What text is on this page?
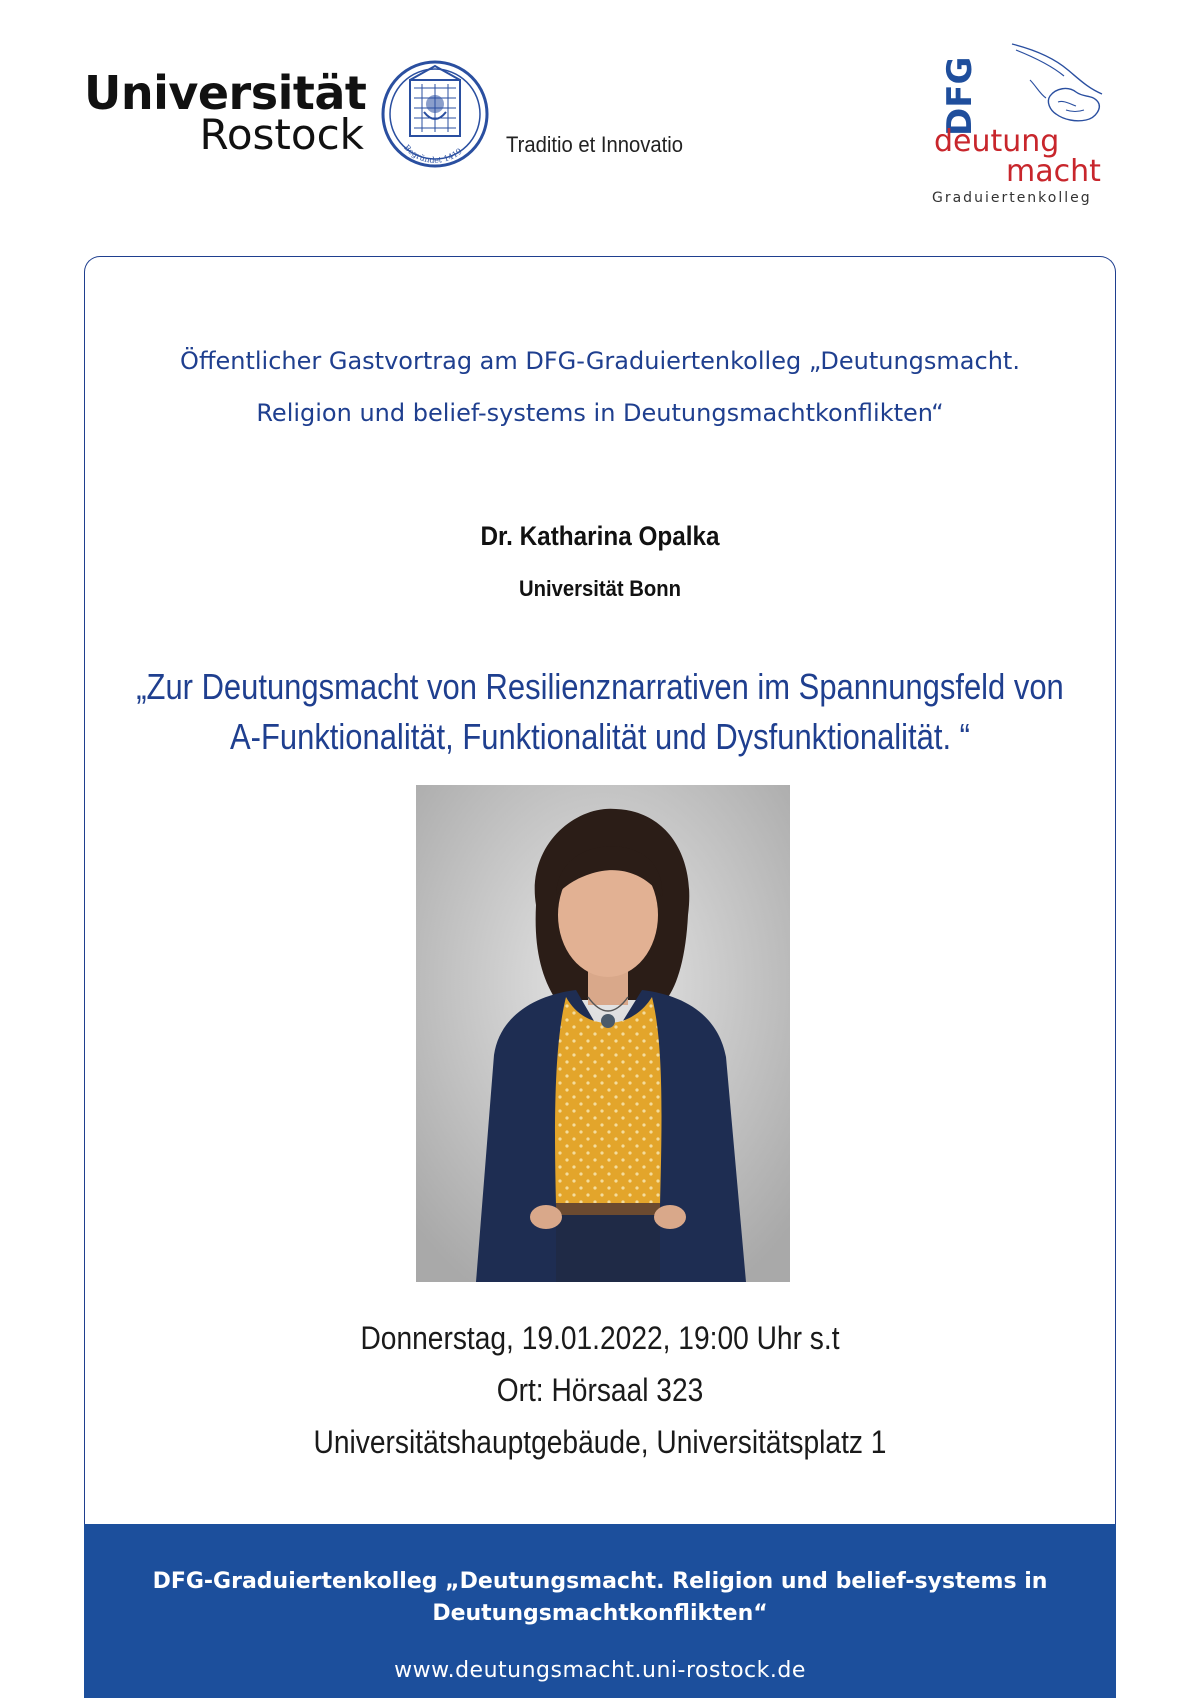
Universität
Rostock	Begründet 1419 Traditio et Innovatio
DFG
deutung
macht
Graduiertenkolleg
Öffentlicher Gastvortrag am DFG-Graduiertenkolleg „Deutungsmacht.
Religion und belief-systems in Deutungsmachtkonflikten“
Dr. Katharina Opalka
Universität Bonn
„Zur Deutungsmacht von Resilienznarrativen im Spannungsfeld von
A-Funktionalität, Funktionalität und Dysfunktionalität. “
Donnerstag, 19.01.2022, 19:00 Uhr s.t
Ort: Hörsaal 323
Universitätshauptgebäude, Universitätsplatz 1
DFG-Graduiertenkolleg „Deutungsmacht. Religion und belief-systems in
Deutungsmachtkonflikten“
www.deutungsmacht.uni-rostock.de
